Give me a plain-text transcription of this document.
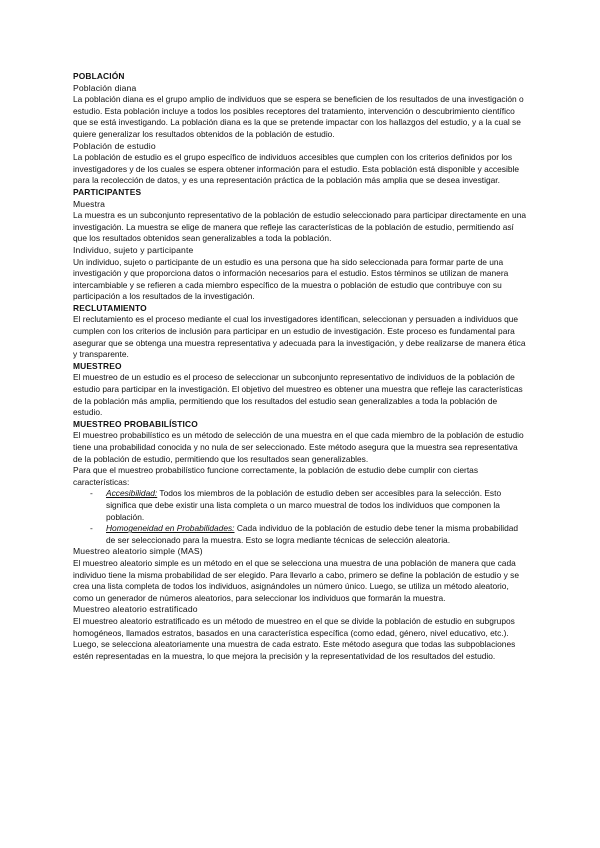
POBLACIÓN

Población diana

La población diana es el grupo amplio de individuos que se espera se beneficien de los resultados de una investigación o estudio. Esta población incluye a todos los posibles receptores del tratamiento, intervención o descubrimiento científico que se está investigando. La población diana es la que se pretende impactar con los hallazgos del estudio, y a la cual se quiere generalizar los resultados obtenidos de la población de estudio.

Población de estudio

La población de estudio es el grupo específico de individuos accesibles que cumplen con los criterios definidos por los investigadores y de los cuales se espera obtener información para el estudio. Esta población está disponible y accesible para la recolección de datos, y es una representación práctica de la población más amplia que se desea investigar.

PARTICIPANTES

Muestra

La muestra es un subconjunto representativo de la población de estudio seleccionado para participar directamente en una investigación. La muestra se elige de manera que refleje las características de la población de estudio, permitiendo así que los resultados obtenidos sean generalizables a toda la población.

Individuo, sujeto y participante

Un individuo, sujeto o participante de un estudio es una persona que ha sido seleccionada para formar parte de una investigación y que proporciona datos o información necesarios para el estudio. Estos términos se utilizan de manera intercambiable y se refieren a cada miembro específico de la muestra o población de estudio que contribuye con su participación a los resultados de la investigación.

RECLUTAMIENTO

El reclutamiento es el proceso mediante el cual los investigadores identifican, seleccionan y persuaden a individuos que cumplen con los criterios de inclusión para participar en un estudio de investigación. Este proceso es fundamental para asegurar que se obtenga una muestra representativa y adecuada para la investigación, y debe realizarse de manera ética y transparente.

MUESTREO

El muestreo de un estudio es el proceso de seleccionar un subconjunto representativo de individuos de la población de estudio para participar en la investigación. El objetivo del muestreo es obtener una muestra que refleje las características de la población más amplia, permitiendo que los resultados del estudio sean generalizables a toda la población de estudio.

MUESTREO PROBABILÍSTICO

El muestreo probabilístico es un método de selección de una muestra en el que cada miembro de la población de estudio tiene una probabilidad conocida y no nula de ser seleccionado. Este método asegura que la muestra sea representativa de la población de estudio, permitiendo que los resultados sean generalizables.

Para que el muestreo probabilístico funcione correctamente, la población de estudio debe cumplir con ciertas características:

- Accesibilidad: Todos los miembros de la población de estudio deben ser accesibles para la selección. Esto significa que debe existir una lista completa o un marco muestral de todos los individuos que componen la población.
- Homogeneidad en Probabilidades: Cada individuo de la población de estudio debe tener la misma probabilidad de ser seleccionado para la muestra. Esto se logra mediante técnicas de selección aleatoria.

Muestreo aleatorio simple (MAS)

El muestreo aleatorio simple es un método en el que se selecciona una muestra de una población de manera que cada individuo tiene la misma probabilidad de ser elegido. Para llevarlo a cabo, primero se define la población de estudio y se crea una lista completa de todos los individuos, asignándoles un número único. Luego, se utiliza un método aleatorio, como un generador de números aleatorios, para seleccionar los individuos que formarán la muestra.

Muestreo aleatorio estratificado

El muestreo aleatorio estratificado es un método de muestreo en el que se divide la población de estudio en subgrupos homogéneos, llamados estratos, basados en una característica específica (como edad, género, nivel educativo, etc.). Luego, se selecciona aleatoriamente una muestra de cada estrato. Este método asegura que todas las subpoblaciones estén representadas en la muestra, lo que mejora la precisión y la representatividad de los resultados del estudio.
